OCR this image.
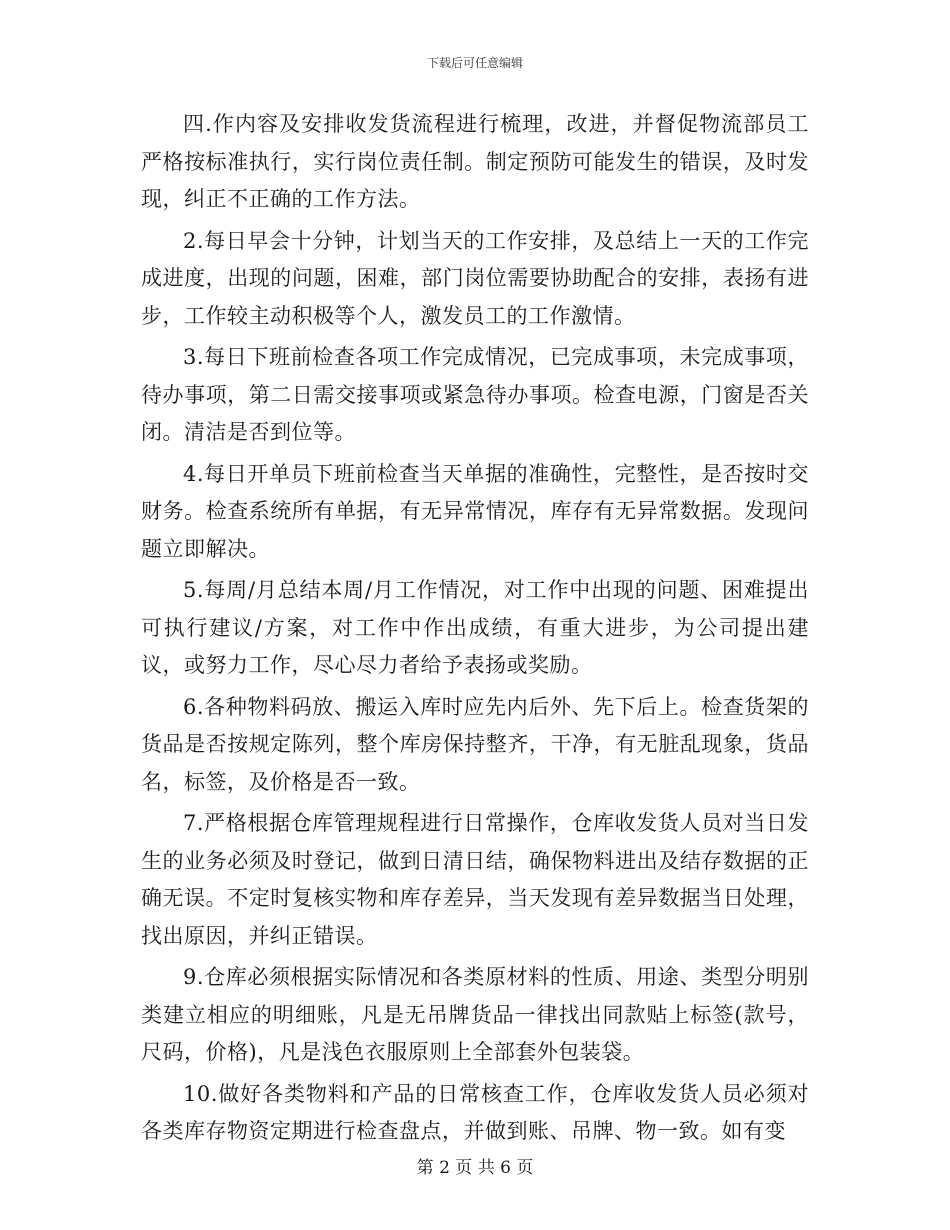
下载后可任意编辑

四.作内容及安排收发货流程进行梳理，改进，并督促物流部员工严格按标准执行，实行岗位责任制。制定预防可能发生的错误，及时发现，纠正不正确的工作方法。

2.每日早会十分钟，计划当天的工作安排，及总结上一天的工作完成进度，出现的问题，困难，部门岗位需要协助配合的安排，表扬有进步，工作较主动积极等个人，激发员工的工作激情。

3.每日下班前检查各项工作完成情况，已完成事项，未完成事项，待办事项，第二日需交接事项或紧急待办事项。检查电源，门窗是否关闭。清洁是否到位等。

4.每日开单员下班前检查当天单据的准确性，完整性，是否按时交财务。检查系统所有单据，有无异常情况，库存有无异常数据。发现问题立即解决。

5.每周/月总结本周/月工作情况，对工作中出现的问题、困难提出可执行建议/方案，对工作中作出成绩，有重大进步，为公司提出建议，或努力工作，尽心尽力者给予表扬或奖励。

6.各种物料码放、搬运入库时应先内后外、先下后上。检查货架的货品是否按规定陈列，整个库房保持整齐，干净，有无脏乱现象，货品名，标签，及价格是否一致。

7.严格根据仓库管理规程进行日常操作，仓库收发货人员对当日发生的业务必须及时登记，做到日清日结，确保物料进出及结存数据的正确无误。不定时复核实物和库存差异，当天发现有差异数据当日处理，找出原因，并纠正错误。

9.仓库必须根据实际情况和各类原材料的性质、用途、类型分明别类建立相应的明细账，凡是无吊牌货品一律找出同款贴上标签(款号，尺码，价格)，凡是浅色衣服原则上全部套外包装袋。

10.做好各类物料和产品的日常核查工作，仓库收发货人员必须对各类库存物资定期进行检查盘点，并做到账、吊牌、物一致。如有变

第 2 页 共 6 页
